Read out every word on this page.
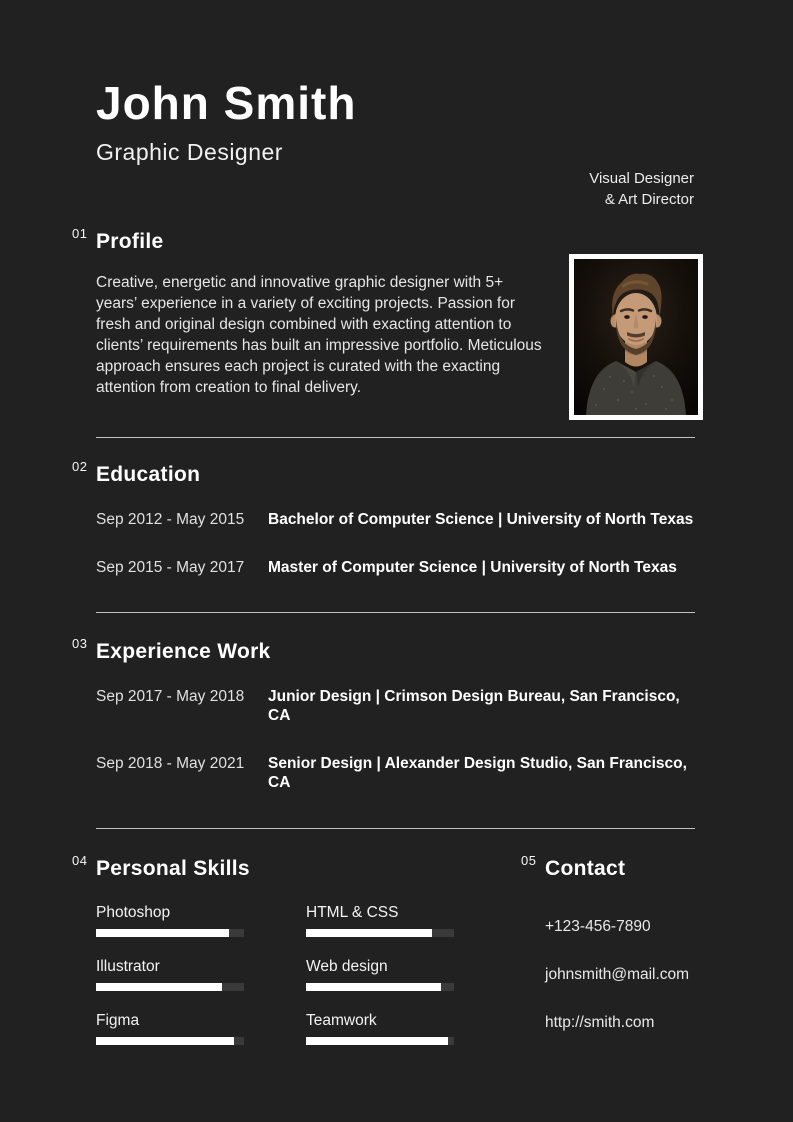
John Smith
Graphic Designer
Visual Designer
& Art Director
01 Profile

Creative, energetic and innovative graphic designer with 5+ years’ experience in a variety of exciting projects. Passion for fresh and original design combined with exacting attention to clients’ requirements has built an impressive portfolio. Meticulous approach ensures each project is curated with the exacting attention from creation to final delivery.

02 Education
Sep 2012 - May 2015 Bachelor of Computer Science | University of North Texas
Sep 2015 - May 2017 Master of Computer Science | University of North Texas
03 Experience Work
Sep 2017 - May 2018 Junior Design | Crimson Design Bureau, San Francisco, CA
Sep 2018 - May 2021 Senior Design | Alexander Design Studio, San Francisco, CA
04 Personal Skills
Photoshop
Illustrator
Figma
HTML & CSS
Web design
Teamwork
05 Contact
+123-456-7890
johnsmith@mail.com
http://smith.com
